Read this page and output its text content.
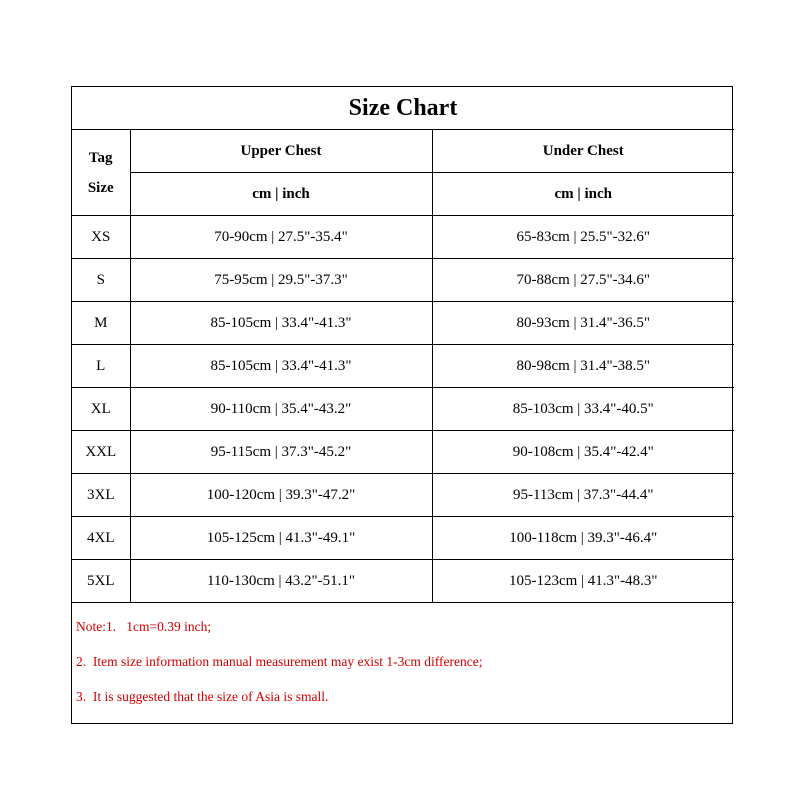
Size Chart		

Tag
Size	Upper Chest	Under Chest
	cm | inch	cm | inch
XS	70-90cm | 27.5"-35.4"	65-83cm | 25.5"-32.6"
S	75-95cm | 29.5"-37.3"	70-88cm | 27.5"-34.6"
M	85-105cm | 33.4"-41.3"	80-93cm | 31.4"-36.5"
L	85-105cm | 33.4"-41.3"	80-98cm | 31.4"-38.5"
XL	90-110cm | 35.4"-43.2"	85-103cm | 33.4"-40.5"
XXL	95-115cm | 37.3"-45.2"	90-108cm | 35.4"-42.4"
3XL	100-120cm | 39.3"-47.2"	95-113cm | 37.3"-44.4"
4XL	105-125cm | 41.3"-49.1"	100-118cm | 39.3"-46.4"
5XL	110-130cm | 43.2"-51.1"	105-123cm | 41.3"-48.3"
Note:1.   1cm=0.39 inch;
2.  Item size information manual measurement may exist 1-3cm difference;
3.  It is suggested that the size of Asia is small.
